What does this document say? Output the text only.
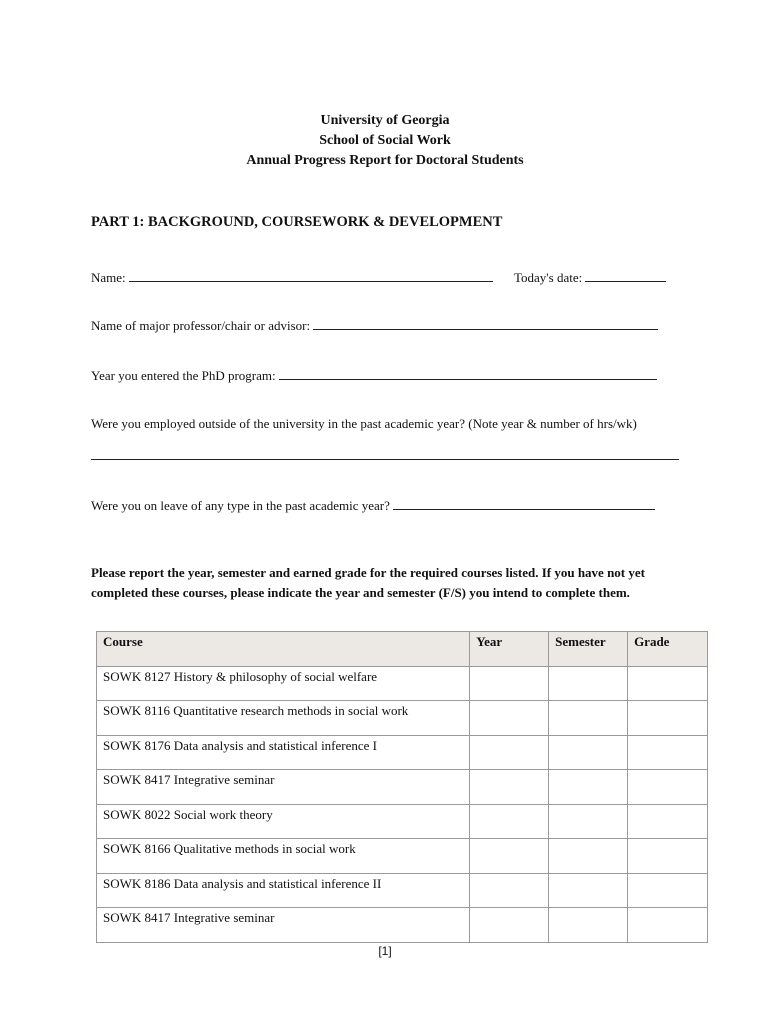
University of Georgia
School of Social Work
Annual Progress Report for Doctoral Students
PART 1: BACKGROUND, COURSEWORK & DEVELOPMENT
Name:	Today's date:
Name of major professor/chair or advisor:
Year you entered the PhD program:
Were you employed outside of the university in the past academic year? (Note year & number of hrs/wk)
Were you on leave of any type in the past academic year?
Please report the year, semester and earned grade for the required courses listed. If you have not yet completed these courses, please indicate the year and semester (F/S) you intend to complete them.
Course	Year	Semester	Grade
SOWK 8127 History & philosophy of social welfare			
SOWK 8116 Quantitative research methods in social work			
SOWK 8176 Data analysis and statistical inference I			
SOWK 8417 Integrative seminar			
SOWK 8022 Social work theory			
SOWK 8166 Qualitative methods in social work			
SOWK 8186 Data analysis and statistical inference II			
SOWK 8417 Integrative seminar			
[1]
